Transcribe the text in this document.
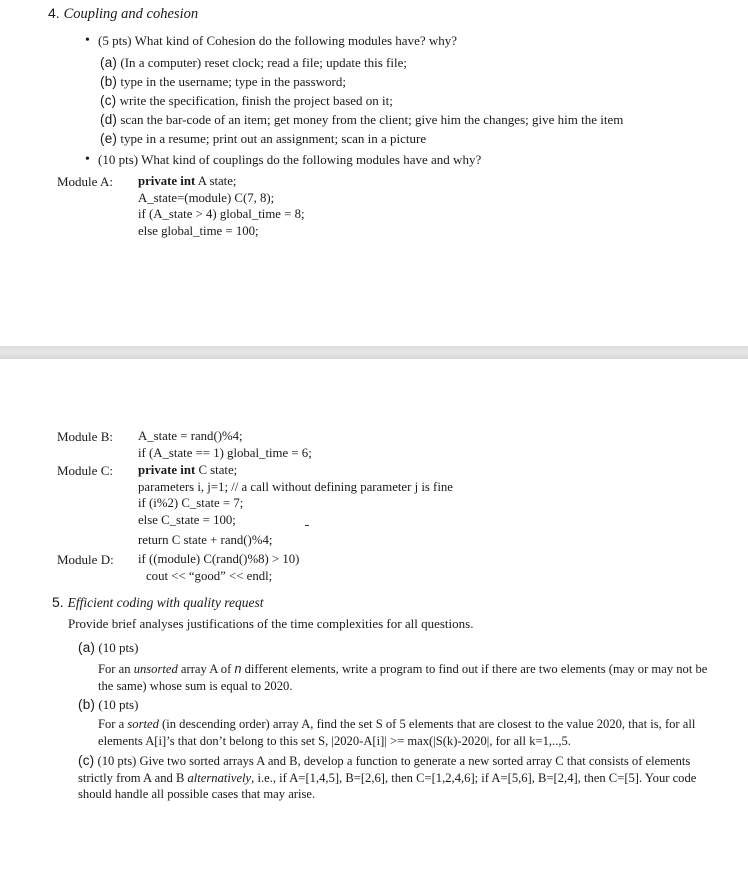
4. Coupling and cohesion
• (5 pts) What kind of Cohesion do the following modules have? why?
(a) (In a computer) reset clock; read a file; update this file;
(b) type in the username; type in the password;
(c) write the specification, finish the project based on it;
(d) scan the bar-code of an item; get money from the client; give him the changes; give him the item
(e) type in a resume; print out an assignment; scan in a picture
• (10 pts) What kind of couplings do the following modules have and why?
Module A: private int A state;
A_state=(module) C(7, 8);
if (A_state > 4) global_time = 8;
else global_time = 100;
Module B: A_state = rand()%4;
if (A_state == 1) global_time = 6;
Module C: private int C state;
parameters i, j=1; // a call without defining parameter j is fine
if (i%2) C_state = 7;
else C_state = 100;
return C state + rand()%4;
Module D: if ((module) C(rand()%8) > 10)
cout << “good” << endl;
5. Efficient coding with quality request
Provide brief analyses justifications of the time complexities for all questions.
(a) (10 pts)
For an unsorted array A of n different elements, write a program to find out if there are two elements (may or may not be the same) whose sum is equal to 2020.
(b) (10 pts)
For a sorted (in descending order) array A, find the set S of 5 elements that are closest to the value 2020, that is, for all elements A[i]’s that don’t belong to this set S, |2020-A[i]| >= max(|S(k)-2020|, for all k=1,..,5.
(c) (10 pts) Give two sorted arrays A and B, develop a function to generate a new sorted array C that consists of elements strictly from A and B alternatively, i.e., if A=[1,4,5], B=[2,6], then C=[1,2,4,6]; if A=[5,6], B=[2,4], then C=[5]. Your code should handle all possible cases that may arise.
